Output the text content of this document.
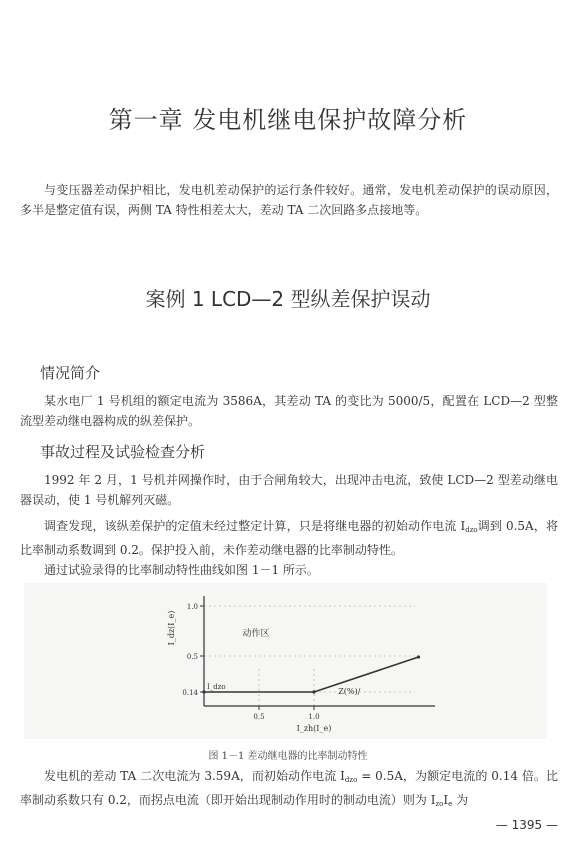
第一章 发电机继电保护故障分析
与变压器差动保护相比，发电机差动保护的运行条件较好。通常，发电机差动保护的误动原因，多半是整定值有误，两侧 TA 特性相差太大，差动 TA 二次回路多点接地等。
案例 1 LCD—2 型纵差保护误动
情况简介
某水电厂 1 号机组的额定电流为 3586A，其差动 TA 的变比为 5000/5，配置在 LCD—2 型整流型差动继电器构成的纵差保护。
事故过程及试验检查分析
1992 年 2 月，1 号机并网操作时，由于合闸角较大，出现冲击电流，致使 LCD—2 型差动继电器误动，使 1 号机解列灭磁。
调查发现，该纵差保护的定值未经过整定计算，只是将继电器的初始动作电流 $I_{dzo}$调到 0.5A，将比率制动系数调到 0.2。保护投入前，未作差动继电器的比率制动特性。
通过试验录得的比率制动特性曲线如图 1－1 所示。
1.0
0.5
0.14
0.5	1.0
I_dz(I_e)
I_zh(I_e)
动作区
Z(%)/
I_dzo
图 1－1 差动继电器的比率制动特性
发电机的差动 TA 二次电流为 3.59A，而初始动作电流 $I_{dzo} = 0.5A$，为额定电流的 0.14 倍。比率制动系数只有 0.2，而拐点电流（即开始出现制动作用时的制动电流）则为 $I_{zo}I_e$ 为
— 1395 —
